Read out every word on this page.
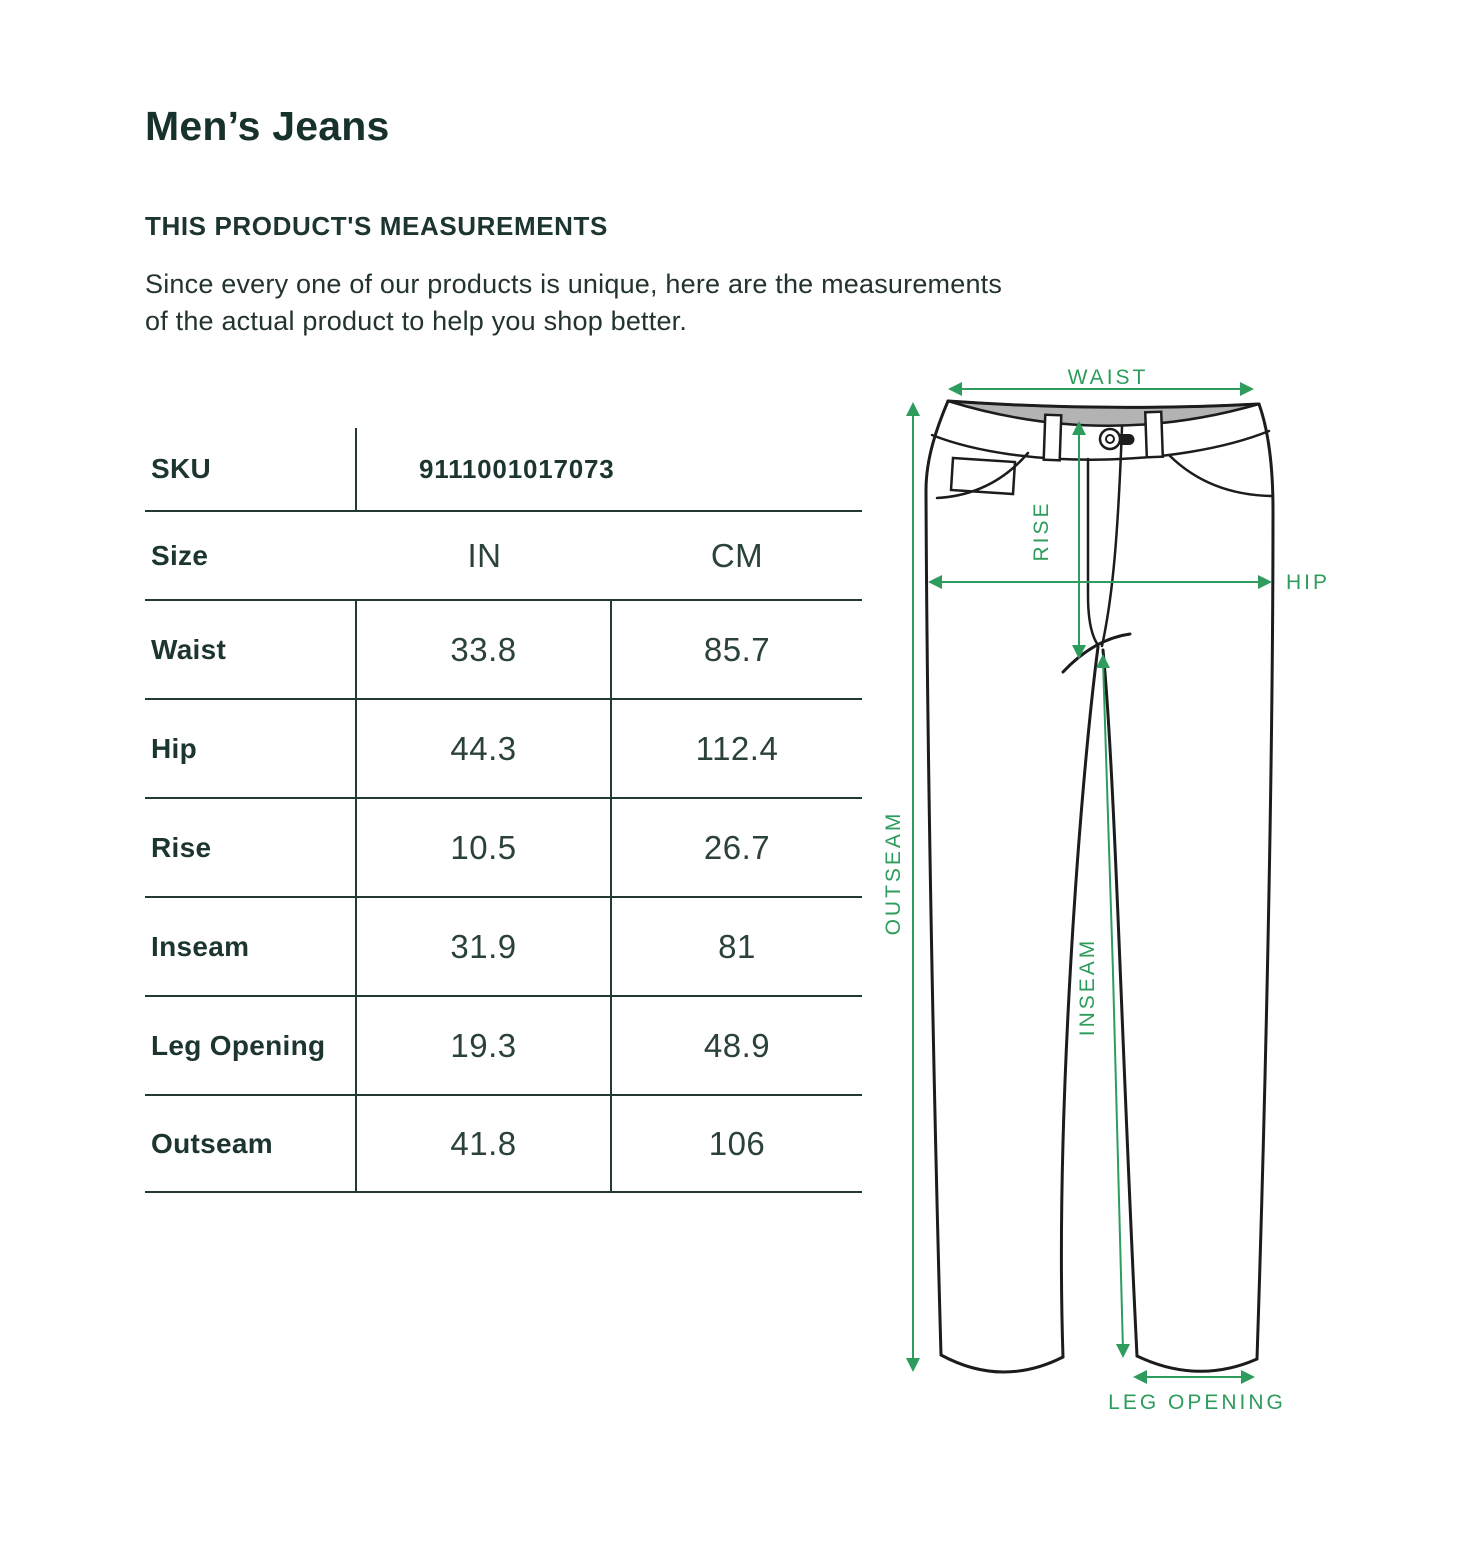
Men’s Jeans
THIS PRODUCT'S MEASUREMENTS
Since every one of our products is unique, here are the measurements
of the actual product to help you shop better.
SKU	9111001017073
Size	IN	CM
Waist	33.8	85.7
Hip	44.3	112.4
Rise	10.5	26.7
Inseam	31.9	81
Leg Opening	19.3	48.9
Outseam	41.8	106
WAIST
OUTSEAM
RISE
HIP
INSEAM
LEG OPENING
